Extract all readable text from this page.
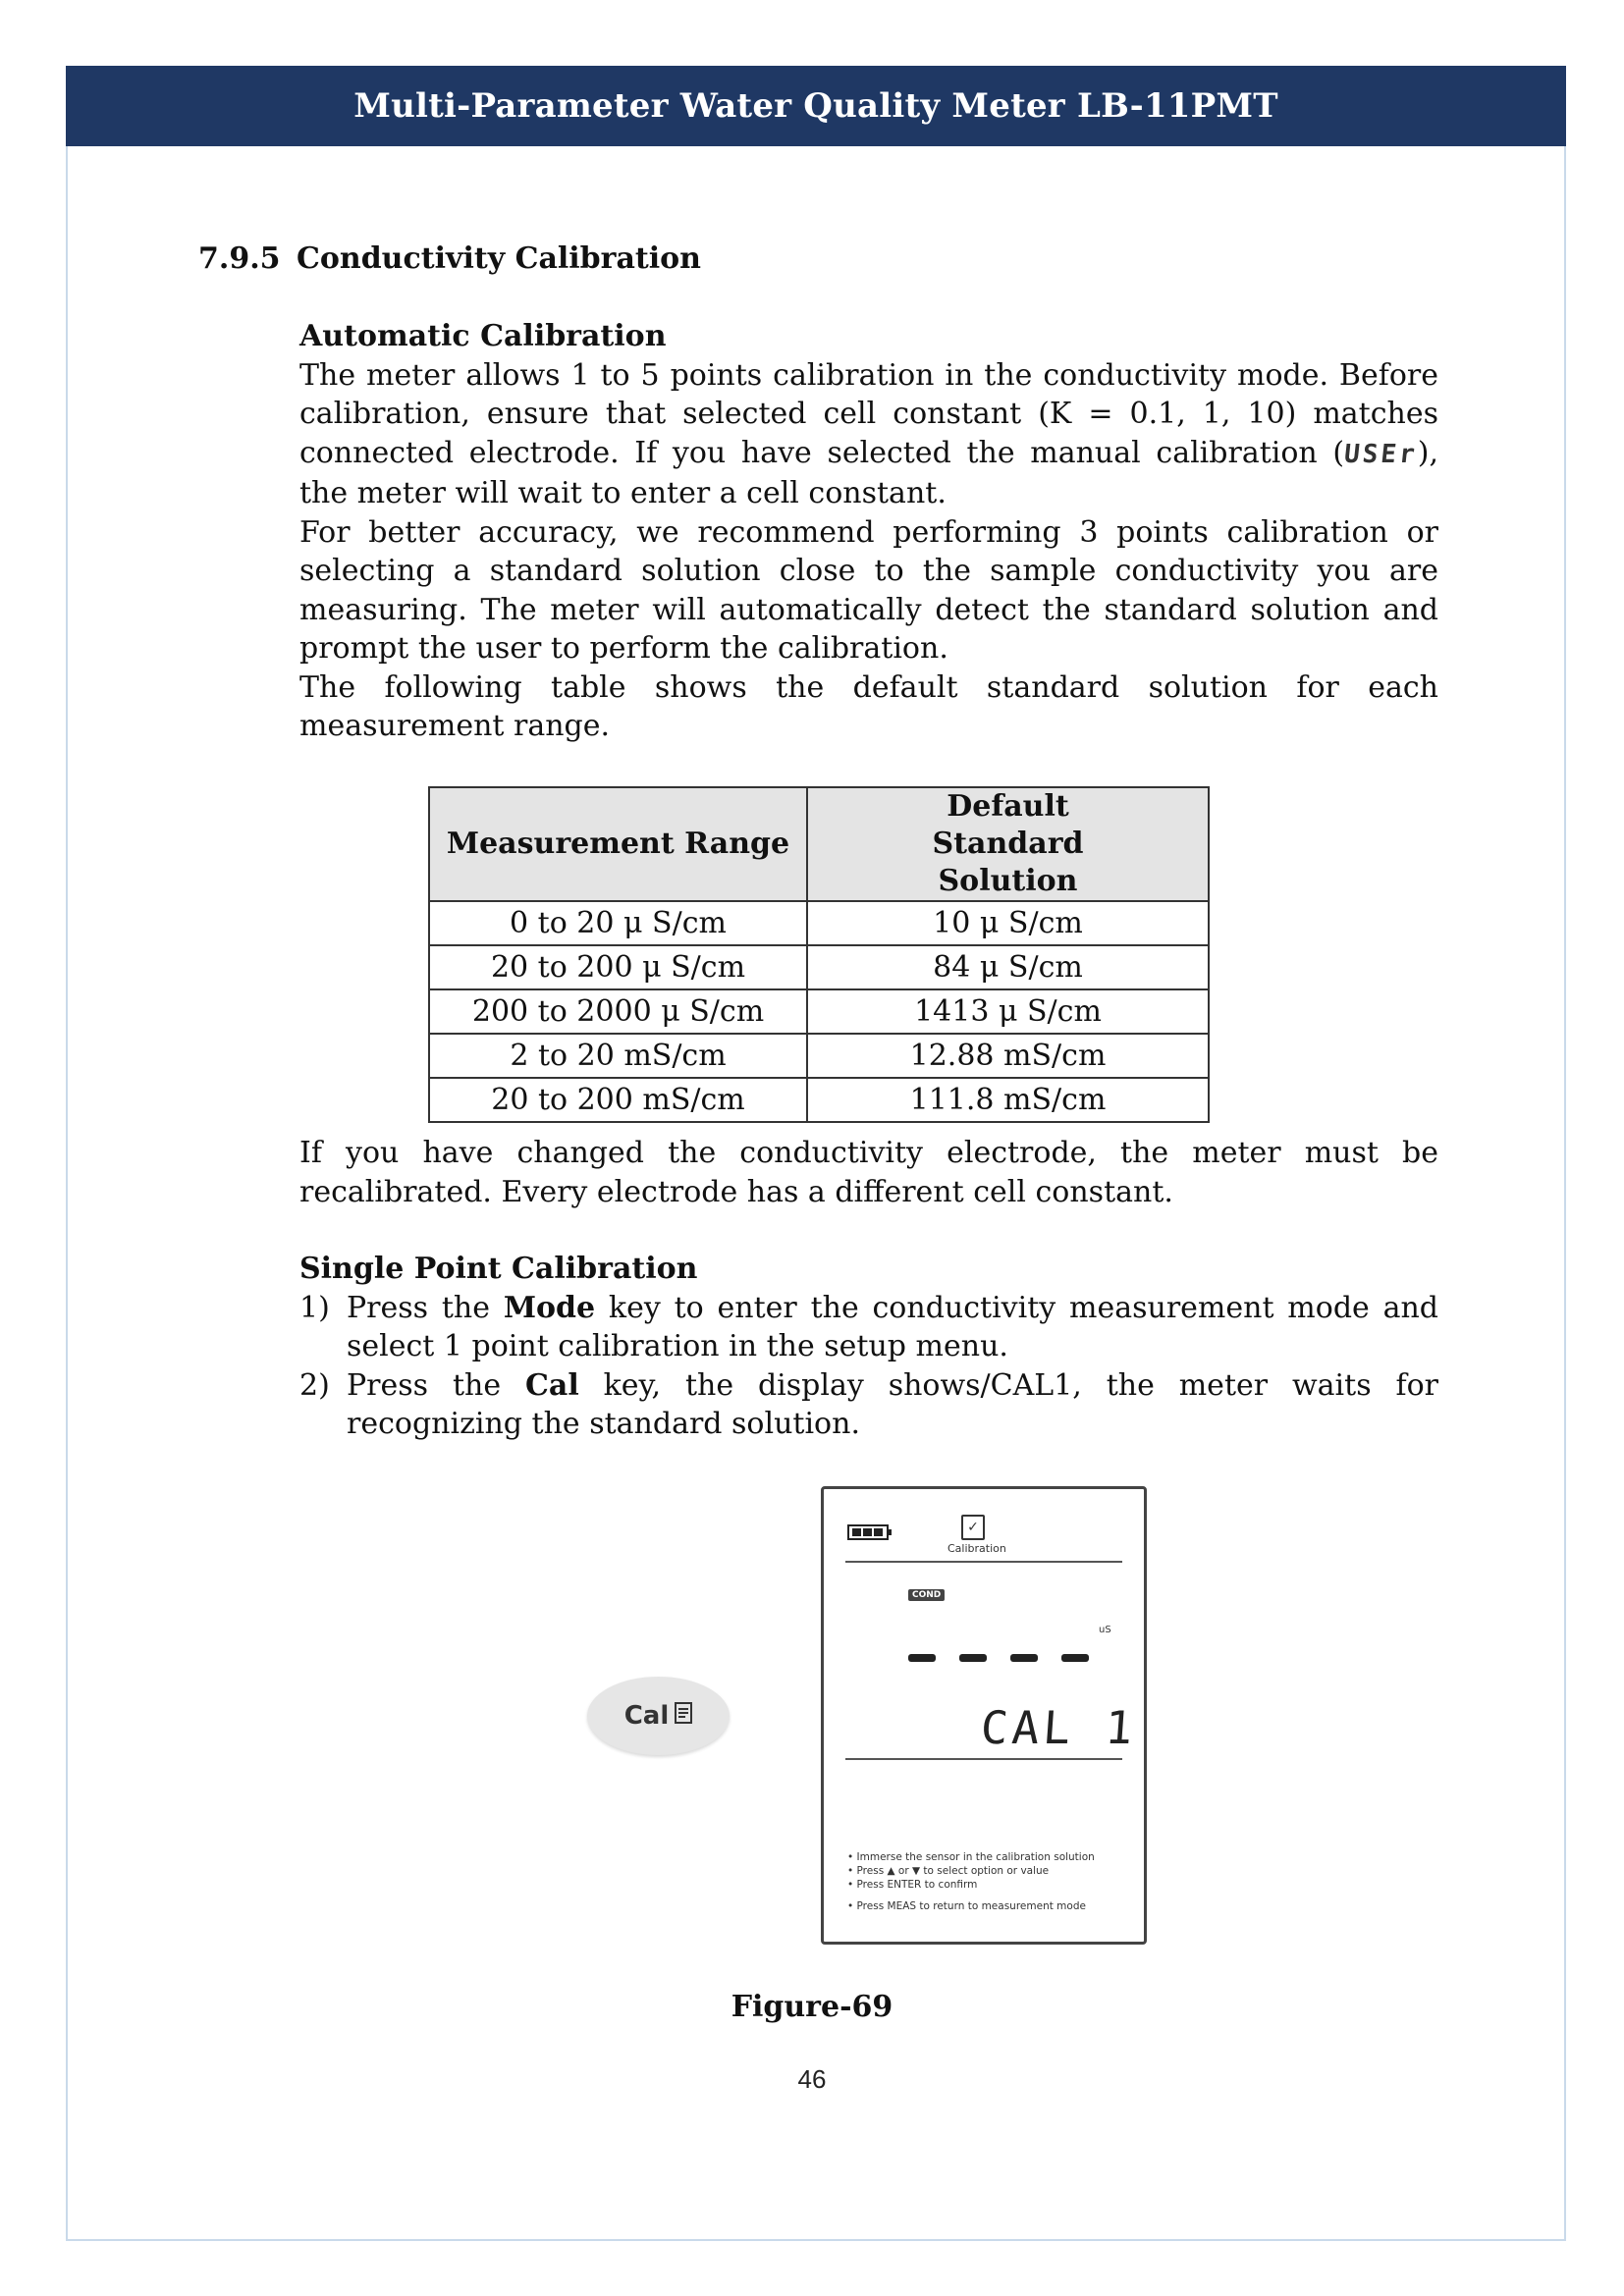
Multi-Parameter Water Quality Meter LB-11PMT
7.9.5 Conductivity Calibration
Automatic Calibration
The meter allows 1 to 5 points calibration in the conductivity mode. Before calibration, ensure that selected cell constant (K = 0.1, 1, 10) matches connected electrode. If you have selected the manual calibration (USEr), the meter will wait to enter a cell constant.
For better accuracy, we recommend performing 3 points calibration or selecting a standard solution close to the sample conductivity you are measuring. The meter will automatically detect the standard solution and prompt the user to perform the calibration.
The following table shows the default standard solution for each measurement range.
Measurement Range	Default Standard Solution
0 to 20 μ S/cm	10 μ S/cm
20 to 200 μ S/cm	84 μ S/cm
200 to 2000 μ S/cm	1413 μ S/cm
2 to 20 mS/cm	12.88 mS/cm
20 to 200 mS/cm	111.8 mS/cm
If you have changed the conductivity electrode, the meter must be recalibrated. Every electrode has a different cell constant.
Single Point Calibration
1) Press the Mode key to enter the conductivity measurement mode and select 1 point calibration in the setup menu.
2) Press the Cal key, the display shows/CAL1, the meter waits for recognizing the standard solution.
Cal
✓
Calibration
COND
uS
CAL 1
• Immerse the sensor in the calibration solution
• Press ▲ or ▼ to select option or value
• Press ENTER to confirm
• Press MEAS to return to measurement mode
Figure-69
46
